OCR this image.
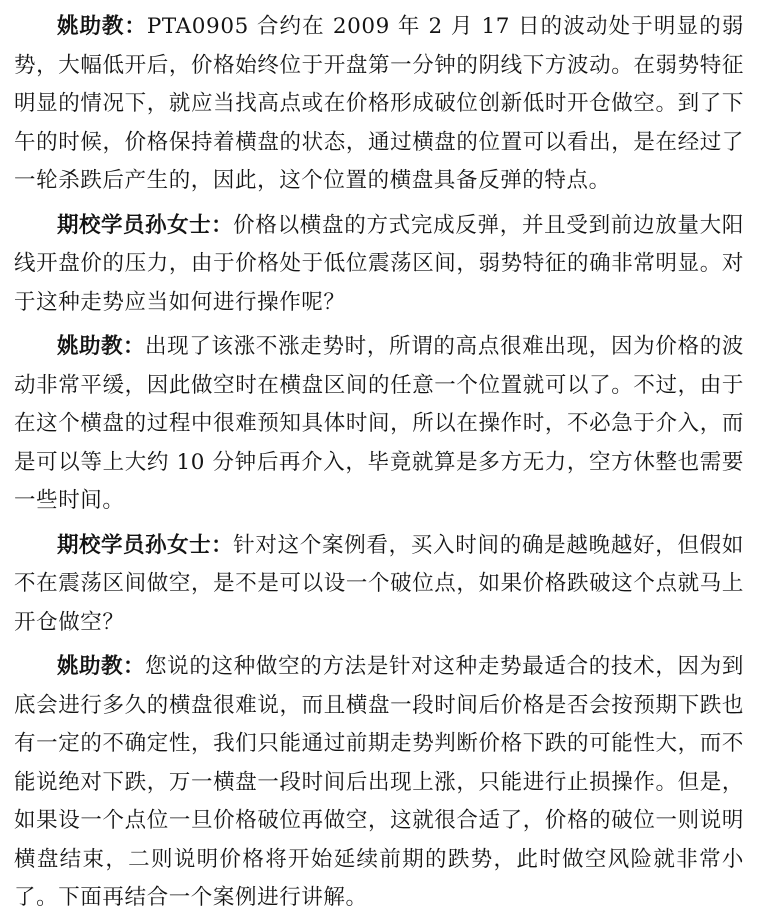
姚助教：PTA0905 合约在 2009 年 2 月 17 日的波动处于明显的弱势，大幅低开后，价格始终位于开盘第一分钟的阴线下方波动。在弱势特征明显的情况下，就应当找高点或在价格形成破位创新低时开仓做空。到了下午的时候，价格保持着横盘的状态，通过横盘的位置可以看出，是在经过了一轮杀跌后产生的，因此，这个位置的横盘具备反弹的特点。

期校学员孙女士：价格以横盘的方式完成反弹，并且受到前边放量大阳线开盘价的压力，由于价格处于低位震荡区间，弱势特征的确非常明显。对于这种走势应当如何进行操作呢？

姚助教：出现了该涨不涨走势时，所谓的高点很难出现，因为价格的波动非常平缓，因此做空时在横盘区间的任意一个位置就可以了。不过，由于在这个横盘的过程中很难预知具体时间，所以在操作时，不必急于介入，而是可以等上大约 10 分钟后再介入，毕竟就算是多方无力，空方休整也需要一些时间。

期校学员孙女士：针对这个案例看，买入时间的确是越晚越好，但假如不在震荡区间做空，是不是可以设一个破位点，如果价格跌破这个点就马上开仓做空？

姚助教：您说的这种做空的方法是针对这种走势最适合的技术，因为到底会进行多久的横盘很难说，而且横盘一段时间后价格是否会按预期下跌也有一定的不确定性，我们只能通过前期走势判断价格下跌的可能性大，而不能说绝对下跌，万一横盘一段时间后出现上涨，只能进行止损操作。但是，如果设一个点位一旦价格破位再做空，这就很合适了，价格的破位一则说明横盘结束，二则说明价格将开始延续前期的跌势，此时做空风险就非常小了。下面再结合一个案例进行讲解。
